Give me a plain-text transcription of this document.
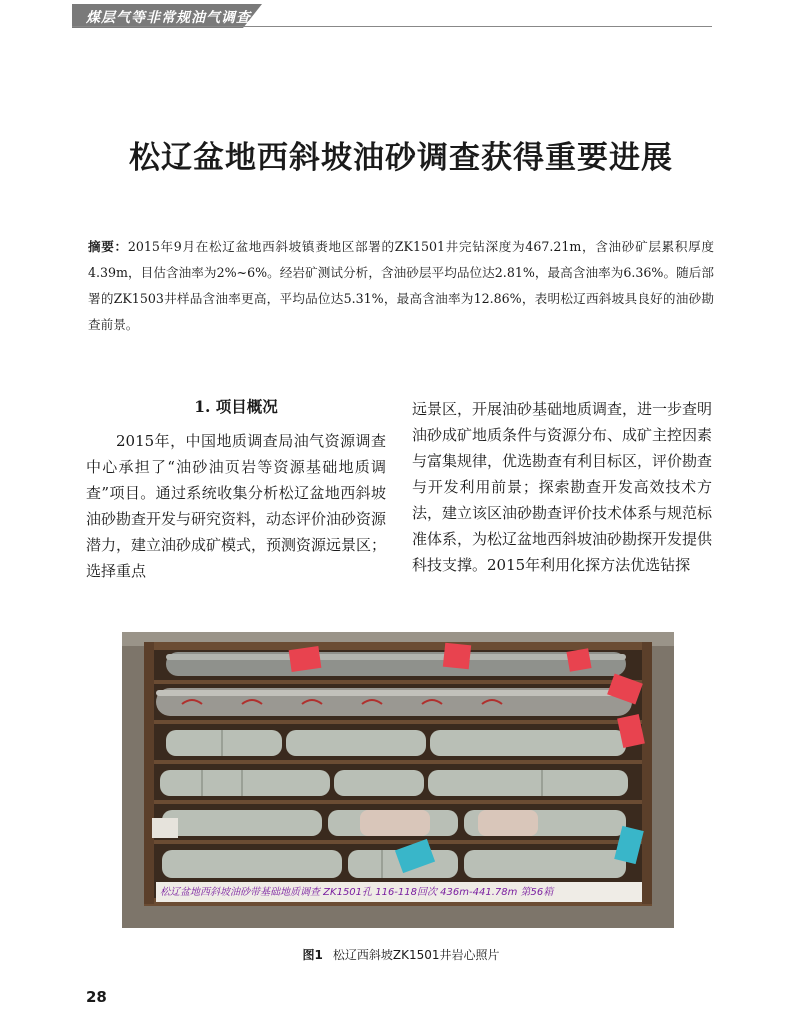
煤层气等非常规油气调查
松辽盆地西斜坡油砂调查获得重要进展
摘要：2015年9月在松辽盆地西斜坡镇赉地区部署的ZK1501井完钻深度为467.21m，含油砂矿层累积厚度4.39m，目估含油率为2%~6%。经岩矿测试分析，含油砂层平均品位达2.81%，最高含油率为6.36%。随后部署的ZK1503井样品含油率更高，平均品位达5.31%，最高含油率为12.86%，表明松辽西斜坡具良好的油砂勘查前景。
1. 项目概况

2015年，中国地质调查局油气资源调查中心承担了“油砂油页岩等资源基础地质调查”项目。通过系统收集分析松辽盆地西斜坡油砂勘查开发与研究资料，动态评价油砂资源潜力，建立油砂成矿模式，预测资源远景区；选择重点

远景区，开展油砂基础地质调查，进一步查明油砂成矿地质条件与资源分布、成矿主控因素与富集规律，优选勘查有利目标区，评价勘查与开发利用前景；探索勘查开发高效技术方法，建立该区油砂勘查评价技术体系与规范标准体系，为松辽盆地西斜坡油砂勘探开发提供科技支撑。2015年利用化探方法优选钻探

松辽盆地西斜坡油砂带基础地质调查 ZK1501孔 116-118回次 436m-441.78m 第56箱
图1 松辽西斜坡ZK1501井岩心照片
28
